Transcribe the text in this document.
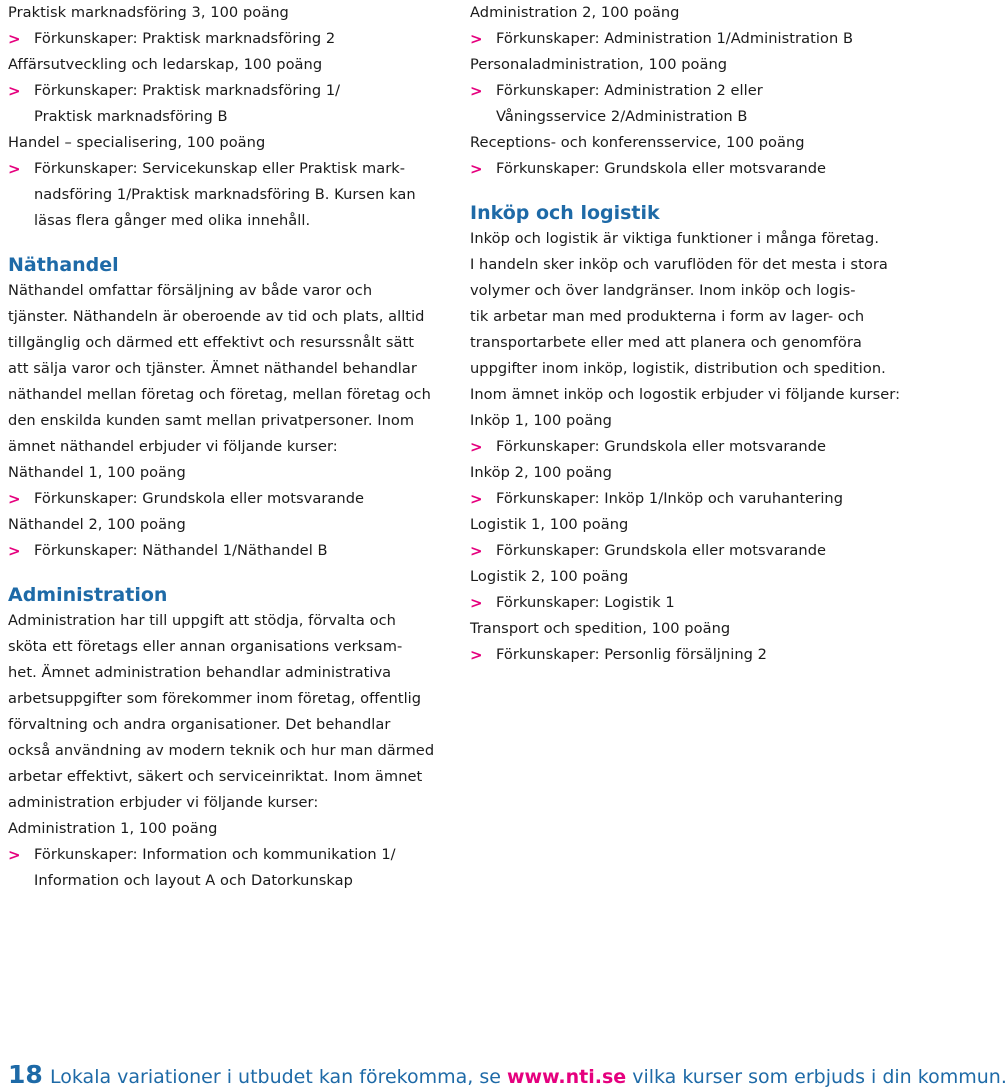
Praktisk marknadsföring 3, 100 poäng
> Förkunskaper: Praktisk marknadsföring 2
Affärsutveckling och ledarskap, 100 poäng
> Förkunskaper: Praktisk marknadsföring 1/
Praktisk marknadsföring B
Handel – specialisering, 100 poäng
> Förkunskaper: Servicekunskap eller Praktisk mark-
nadsföring 1/Praktisk marknadsföring B. Kursen kan
läsas flera gånger med olika innehåll.
Näthandel
Näthandel omfattar försäljning av både varor och
tjänster. Näthandeln är oberoende av tid och plats, alltid
tillgänglig och därmed ett effektivt och resurssnålt sätt
att sälja varor och tjänster. Ämnet näthandel behandlar
näthandel mellan företag och företag, mellan företag och
den enskilda kunden samt mellan privatpersoner. Inom
ämnet näthandel erbjuder vi följande kurser:
Näthandel 1, 100 poäng
> Förkunskaper: Grundskola eller motsvarande
Näthandel 2, 100 poäng
> Förkunskaper: Näthandel 1/Näthandel B
Administration
Administration har till uppgift att stödja, förvalta och
sköta ett företags eller annan organisations verksam-
het. Ämnet administration behandlar administrativa
arbetsuppgifter som förekommer inom företag, offentlig
förvaltning och andra organisationer. Det behandlar
också användning av modern teknik och hur man därmed
arbetar effektivt, säkert och serviceinriktat. Inom ämnet
administration erbjuder vi följande kurser:
Administration 1, 100 poäng
> Förkunskaper: Information och kommunikation 1/
Information och layout A och Datorkunskap
Administration 2, 100 poäng
> Förkunskaper: Administration 1/Administration B
Personaladministration, 100 poäng
> Förkunskaper: Administration 2 eller
Våningsservice 2/Administration B
Receptions- och konferensservice, 100 poäng
> Förkunskaper: Grundskola eller motsvarande
Inköp och logistik
Inköp och logistik är viktiga funktioner i många företag.
I handeln sker inköp och varuflöden för det mesta i stora
volymer och över landgränser. Inom inköp och logis-
tik arbetar man med produkterna i form av lager- och
transportarbete eller med att planera och genomföra
uppgifter inom inköp, logistik, distribution och spedition.
Inom ämnet inköp och logostik erbjuder vi följande kurser:
Inköp 1, 100 poäng
> Förkunskaper: Grundskola eller motsvarande
Inköp 2, 100 poäng
> Förkunskaper: Inköp 1/Inköp och varuhantering
Logistik 1, 100 poäng
> Förkunskaper: Grundskola eller motsvarande
Logistik 2, 100 poäng
> Förkunskaper: Logistik 1
Transport och spedition, 100 poäng
> Förkunskaper: Personlig försäljning 2
18 Lokala variationer i utbudet kan förekomma, se www.nti.se vilka kurser som erbjuds i din kommun.
